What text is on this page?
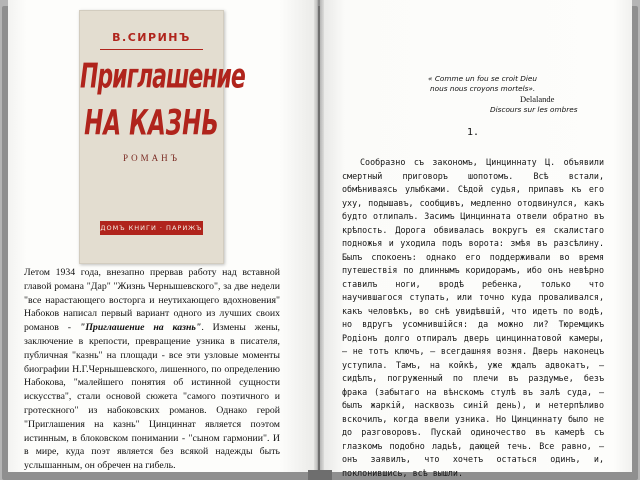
В.СИРИНЪ
Приглашение
НА КАЗНЬ
РОМАНЪ
ДОМЪ КНИГИ · ПАРИЖЪ
Летом 1934 года, внезапно прервав работу над вставной главой романа "Дар" "Жизнь Чернышевского", за две недели "все нарастающего восторга и неутихающего вдохновения" Набоков написал первый вариант одного из лучших своих романов - "Приглашение на казнь". Измены жены, заключение в крепости, превращение узника в писателя, публичная "казнь" на площади - все эти узловые моменты биографии Н.Г.Чернышевского, лишенного, по определению Набокова, "малейшего понятия об истинной сущности искусства", стали основой сюжета "самого поэтичного и гротескного" из набоковских романов. Однако герой "Приглашения на казнь" Цинциннат является поэтом истинным, в блоковском понимании - "сыном гармонии". И в мире, куда поэт является без всякой надежды быть услышанным, он обречен на гибель.
« Comme un fou se croit Dieu
nous nous croyons mortels».
Delalande
Discours sur les ombres
1.

Сообразно съ закономъ, Цинциннату Ц. объявили смертный приговоръ шопотомъ. Всѣ встали, обмѣниваясь улыбками. Сѣдой судья, припавъ къ его уху, подышавъ, сообщивъ, медленно отодвинулся, какъ будто отлипалъ. Засимъ Цинцинната отвели обратно въ крѣпость. Дорога обвивалась вокругъ ея скалистаго подножья и уходила подъ ворота: змѣя въ разсѣлину. Былъ спокоенъ: однако его поддерживали во время путешествія по длиннымъ коридорамъ, ибо онъ невѣрно ставилъ ноги, вродѣ ребенка, только что научившагося ступать, или точно куда проваливался, какъ человѣкъ, во снѣ увидѣвшій, что идетъ по водѣ, но вдругъ усомнившійся: да можно ли? Тюремщикъ Родіонъ долго отпиралъ дверь цинциннатовой камеры, — не тотъ ключъ, — всегдашняя возня. Дверь наконецъ уступила. Тамъ, на койкѣ, уже ждалъ адвокатъ, — сидѣлъ, погруженный по плечи въ раздумье, безъ фрака (забытаго на вѣнскомъ стулѣ въ залѣ суда, — былъ жаркій, насквозь синій день), и нетерпѣливо вскочилъ, когда ввели узника. Но Цинциннату было не до разговоровъ. Пускай одиночество въ камерѣ съ глазкомъ подобно ладьѣ, дающей течь. Все равно, — онъ заявилъ, что хочетъ остаться одинъ, и, поклонившись, всѣ вышли.
